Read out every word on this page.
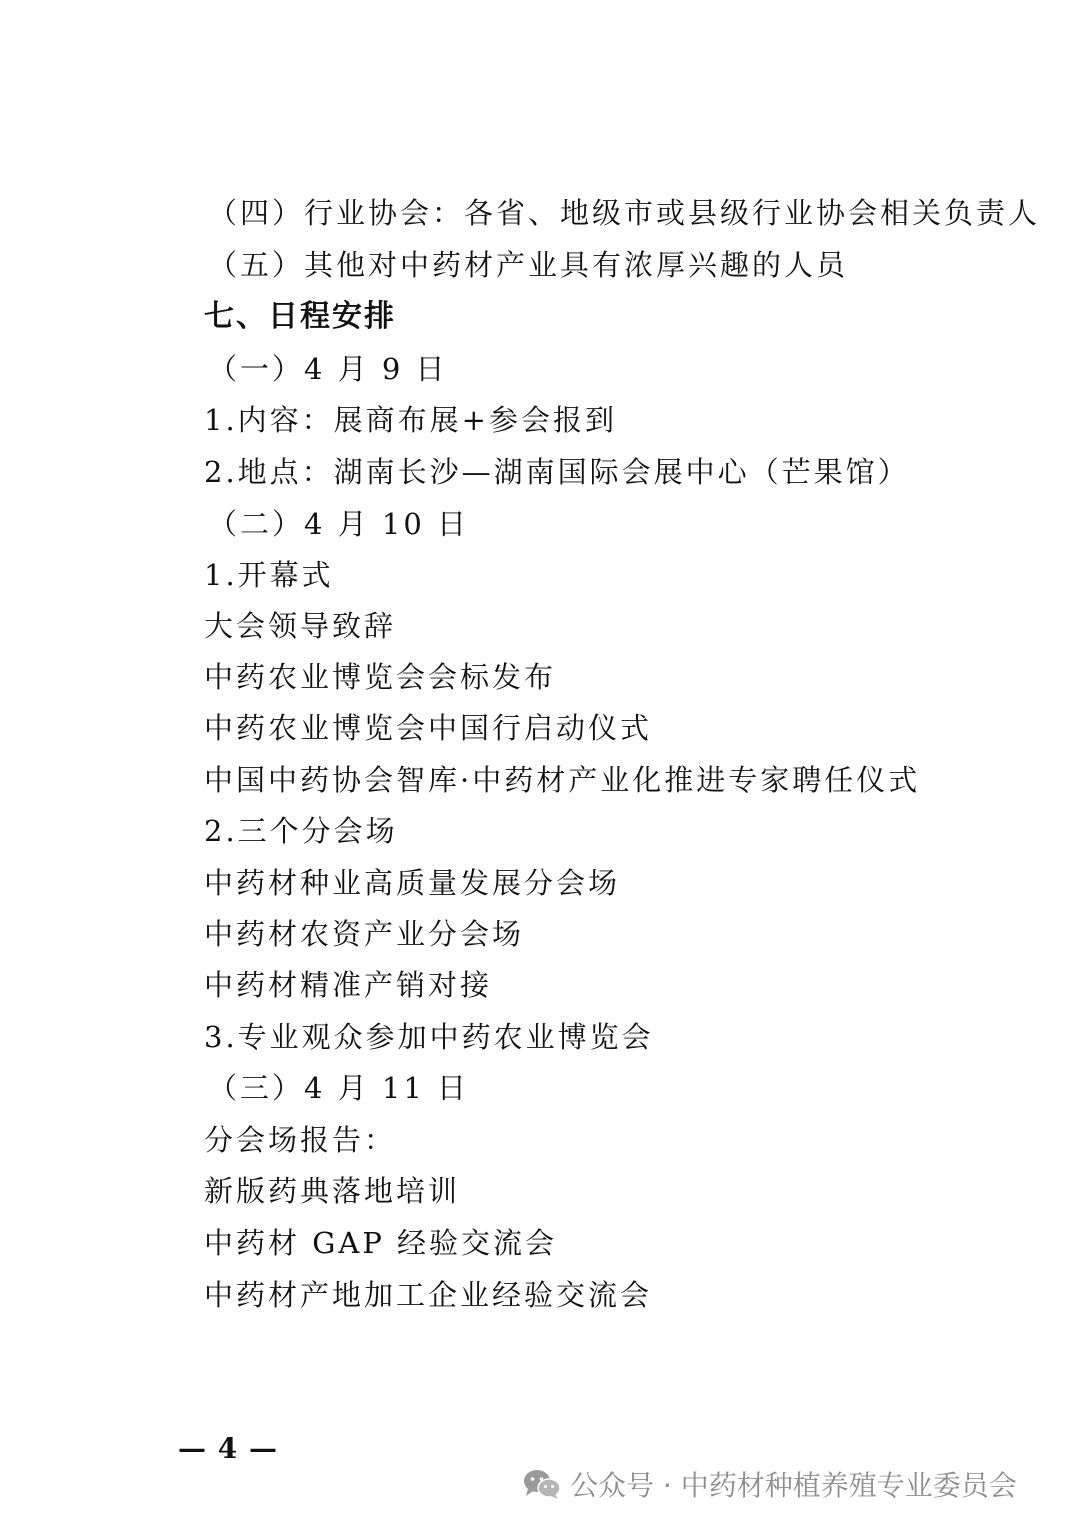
（四）行业协会：各省、地级市或县级行业协会相关负责人
（五）其他对中药材产业具有浓厚兴趣的人员
七、日程安排
（一）4 月 9 日
1.内容：展商布展+参会报到
2.地点：湖南长沙—湖南国际会展中心（芒果馆）
（二）4 月 10 日
1.开幕式
大会领导致辞
中药农业博览会会标发布
中药农业博览会中国行启动仪式
中国中药协会智库·中药材产业化推进专家聘任仪式
2.三个分会场
中药材种业高质量发展分会场
中药材农资产业分会场
中药材精准产销对接
3.专业观众参加中药农业博览会
（三）4 月 11 日
分会场报告：
新版药典落地培训
中药材 GAP 经验交流会
中药材产地加工企业经验交流会
— 4 —
公众号 · 中药材种植养殖专业委员会
